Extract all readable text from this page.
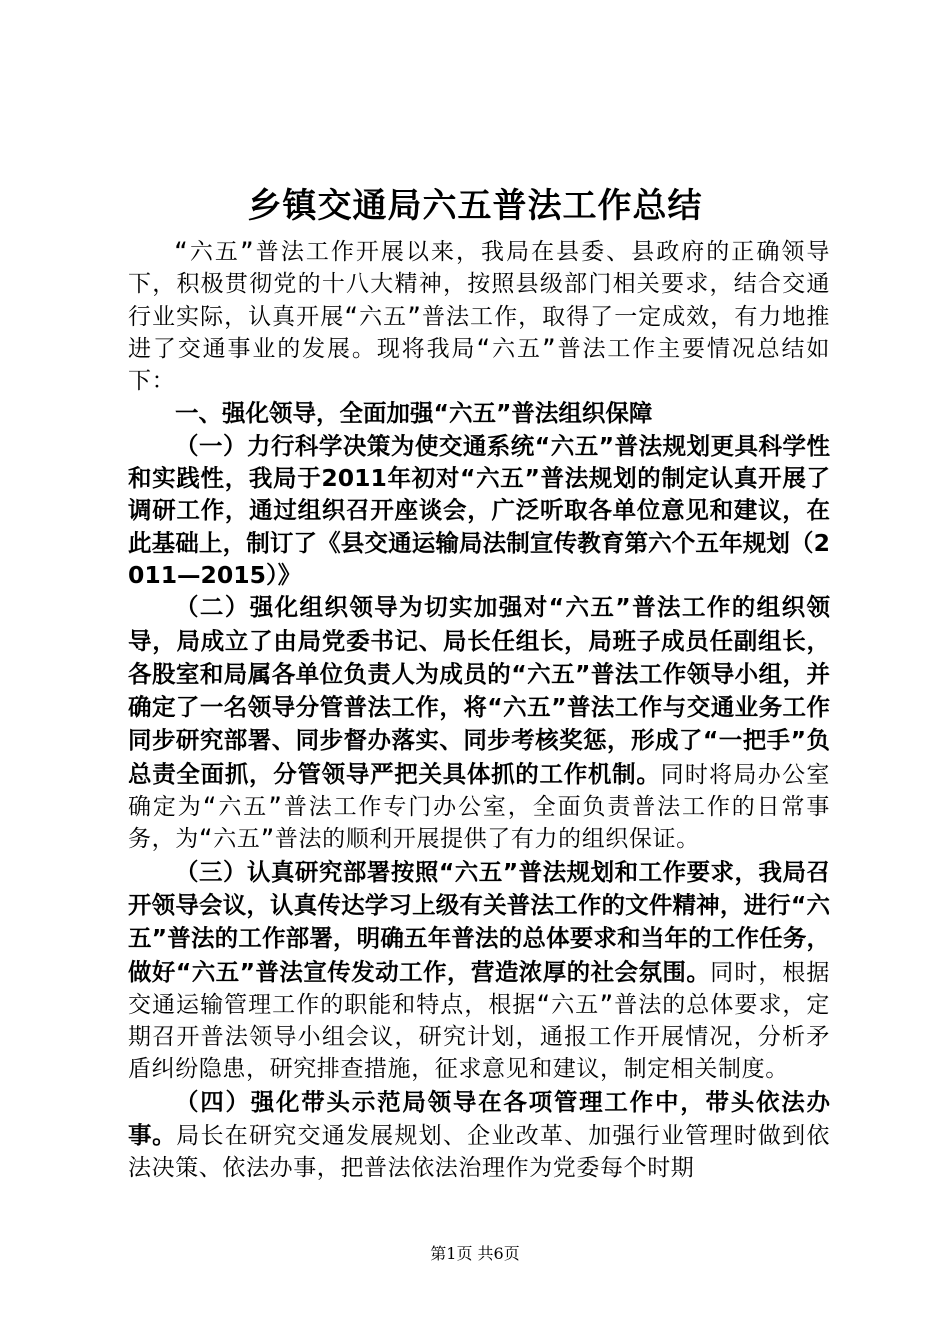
乡镇交通局六五普法工作总结

“六五”普法工作开展以来，我局在县委、县政府的正确领导下，积极贯彻党的十八大精神，按照县级部门相关要求，结合交通行业实际，认真开展“六五”普法工作，取得了一定成效，有力地推进了交通事业的发展。现将我局“六五”普法工作主要情况总结如下：

一、强化领导，全面加强“六五”普法组织保障

（一）力行科学决策为使交通系统“六五”普法规划更具科学性和实践性，我局于2011年初对“六五”普法规划的制定认真开展了调研工作，通过组织召开座谈会，广泛听取各单位意见和建议，在此基础上，制订了《县交通运输局法制宣传教育第六个五年规划（2011—2015）》

（二）强化组织领导为切实加强对“六五”普法工作的组织领导，局成立了由局党委书记、局长任组长，局班子成员任副组长，各股室和局属各单位负责人为成员的“六五”普法工作领导小组，并确定了一名领导分管普法工作，将“六五”普法工作与交通业务工作同步研究部署、同步督办落实、同步考核奖惩，形成了“一把手”负总责全面抓，分管领导严把关具体抓的工作机制。同时将局办公室确定为“六五”普法工作专门办公室，全面负责普法工作的日常事务，为“六五”普法的顺利开展提供了有力的组织保证。

（三）认真研究部署按照“六五”普法规划和工作要求，我局召开领导会议，认真传达学习上级有关普法工作的文件精神，进行“六五”普法的工作部署，明确五年普法的总体要求和当年的工作任务，做好“六五”普法宣传发动工作，营造浓厚的社会氛围。同时，根据交通运输管理工作的职能和特点，根据“六五”普法的总体要求，定期召开普法领导小组会议，研究计划，通报工作开展情况，分析矛盾纠纷隐患，研究排查措施，征求意见和建议，制定相关制度。

（四）强化带头示范局领导在各项管理工作中，带头依法办事。局长在研究交通发展规划、企业改革、加强行业管理时做到依法决策、依法办事，把普法依法治理作为党委每个时期

第1页 共6页
